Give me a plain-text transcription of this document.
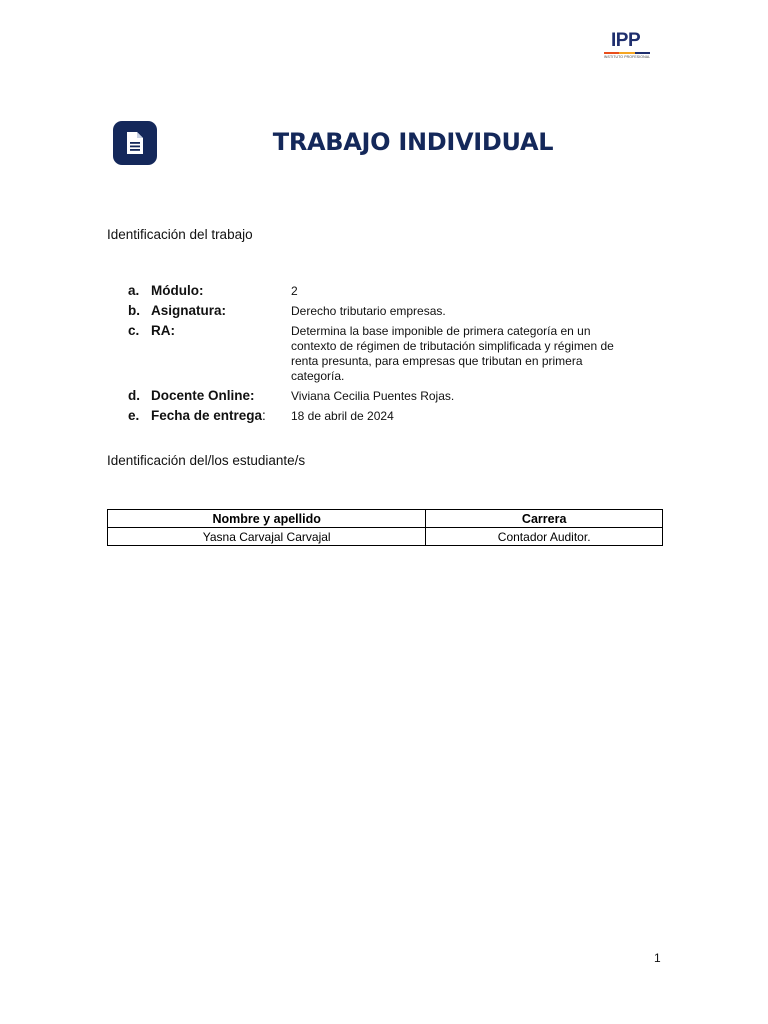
IPP
INSTITUTO PROFESIONAL
TRABAJO INDIVIDUAL
Identificación del trabajo
a. Módulo:	2
b. Asignatura:	Derecho tributario empresas.
c. RA:	Determina la base imponible de primera categoría en un contexto de régimen de tributación simplificada y régimen de renta presunta, para empresas que tributan en primera categoría.
d. Docente Online:	Viviana Cecilia Puentes Rojas.
e. Fecha de entrega:	18 de abril de 2024
Identificación del/los estudiante/s
Nombre y apellido	Carrera
Yasna Carvajal Carvajal	Contador Auditor.
1
